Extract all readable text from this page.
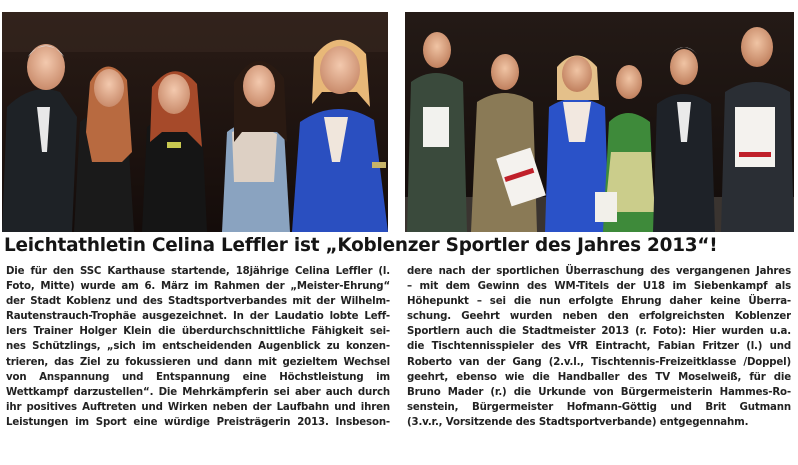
Leichtathletin Celina Leffler ist „Koblenzer Sportler des Jahres 2013“!
Die für den SSC Karthause startende, 18jährige Celina Leffler (l.
Foto, Mitte) wurde am 6. März im Rahmen der „Meister-Ehrung“
der Stadt Koblenz und des Stadtsportverbandes mit der Wilhelm-
Rautenstrauch-Trophäe ausgezeichnet. In der Laudatio lobte Leff-
lers Trainer Holger Klein die überdurchschnittliche Fähigkeit sei-
nes Schützlings, „sich im entscheidenden Augenblick zu konzen-
trieren, das Ziel zu fokussieren und dann mit gezieltem Wechsel
von Anspannung und Entspannung eine Höchstleistung im
Wettkampf darzustellen“. Die Mehrkämpferin sei aber auch durch
ihr positives Auftreten und Wirken neben der Laufbahn und ihren
Leistungen im Sport eine würdige Preisträgerin 2013. Insbeson-
dere nach der sportlichen Überraschung des vergangenen Jahres
– mit dem Gewinn des WM-Titels der U18 im Siebenkampf als
Höhepunkt – sei die nun erfolgte Ehrung daher keine Überra-
schung. Geehrt wurden neben den erfolgreichsten Koblenzer
Sportlern auch die Stadtmeister 2013 (r. Foto): Hier wurden u.a.
die Tischtennisspieler des VfR Eintracht, Fabian Fritzer (l.) und
Roberto van der Gang (2.v.l., Tischtennis-Freizeitklasse /Doppel)
geehrt, ebenso wie die Handballer des TV Moselweiß, für die
Bruno Mader (r.) die Urkunde von Bürgermeisterin Hammes-Ro-
senstein, Bürgermeister Hofmann-Göttig und Brit Gutmann
(3.v.r., Vorsitzende des Stadtsportverbande) entgegennahm.
